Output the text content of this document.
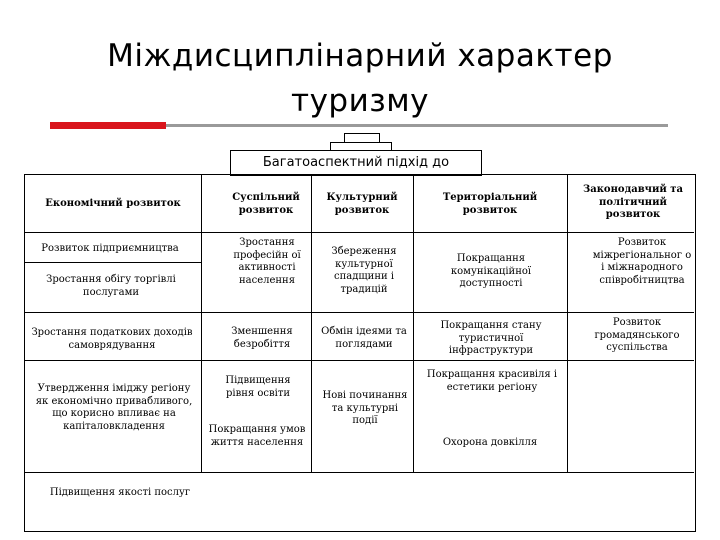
Міждисциплінарний характер туризму
Багатоаспектний підхід до
Економічний розвиток
Суспільний розвиток
Культурний розвиток
Територіальний розвиток
Законодавчий та політичний розвиток
Розвиток підприємництва
Зростання обігу торгівлі послугами
Зростання податкових доходів самоврядування
Утвердження іміджу регіону як економічно привабливого, що корисно впливає на капіталовкладення
Підвищення якості послуг
Зростання професійн ої активності населення
Зменшення безробіття
Підвищення рівня освіти
Покращання умов життя населення
Збереження культурної спадщини і традицій
Обмін ідеями та поглядами
Нові починання та культурні події
Покращання комунікаційної доступності
Покращання стану туристичної інфраструктури
Покращання красивіля і естетики регіону
Охорона довкілля
Розвиток міжрегіональног о і міжнародного співробітництва
Розвиток громадянського суспільства
